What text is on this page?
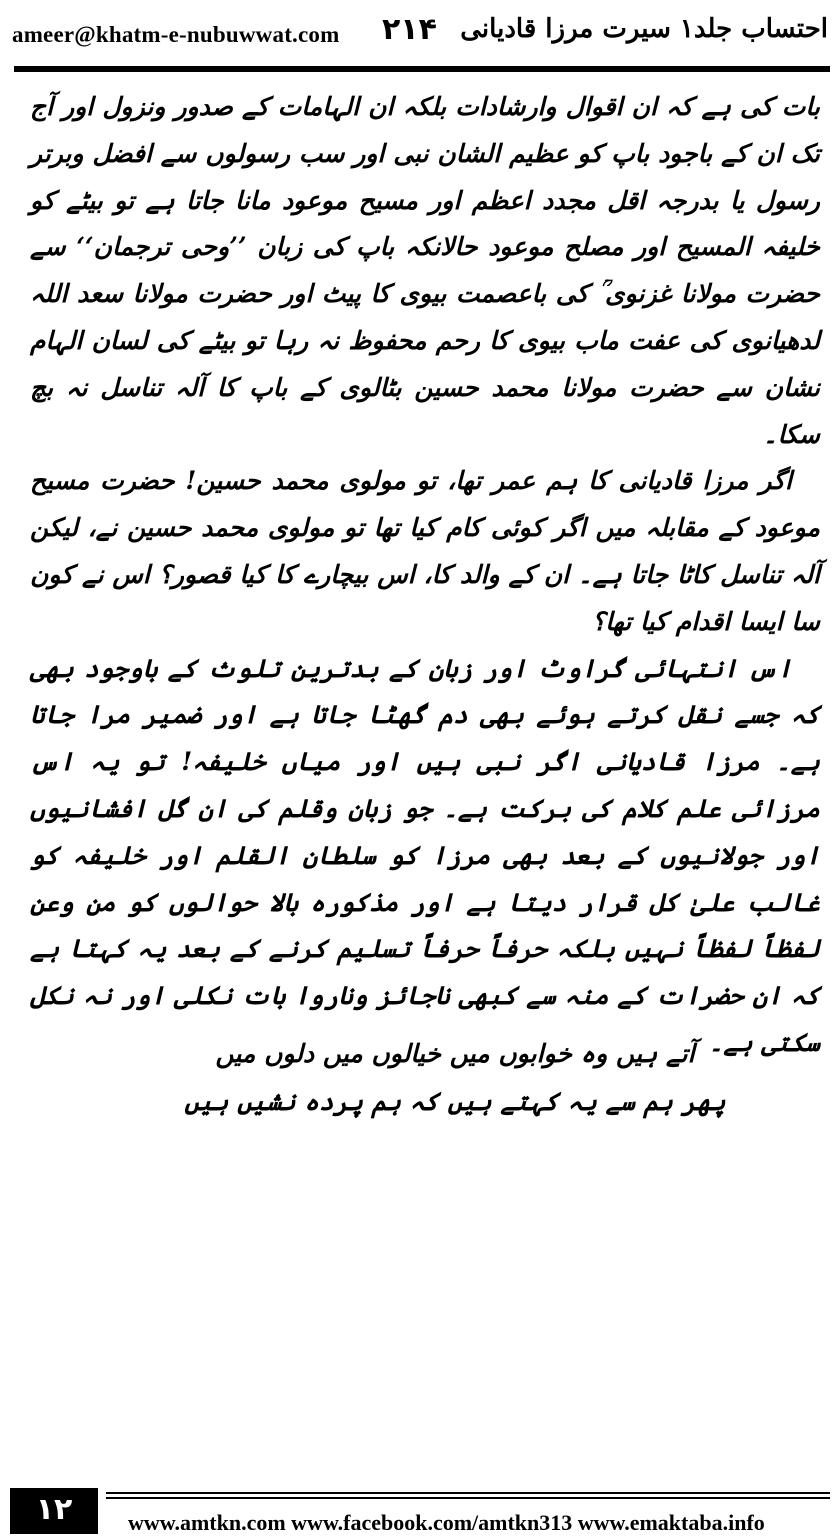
ameer@khatm-e-nubuwwat.com ۲۱۴ احتساب جلد۱ سیرت مرزا قادیانی

بات کی ہے کہ ان اقوال وارشادات بلکہ ان الہامات کے صدور ونزول اور آج تک ان کے باجود باپ کو عظیم الشان نبی اور سب رسولوں سے افضل وبرتر رسول یا بدرجہ اقل مجدد اعظم اور مسیح موعود مانا جاتا ہے تو بیٹے کو خلیفہ المسیح اور مصلح موعود حالانکہ باپ کی زبان ’’وحی ترجمان‘‘ سے حضرت مولانا غزنوی ؒ کی باعصمت بیوی کا پیٹ اور حضرت مولانا سعد اللہ لدھیانوی کی عفت ماب بیوی کا رحم محفوظ نہ رہا تو بیٹے کی لسان الہام نشان سے حضرت مولانا محمد حسین بٹالوی کے باپ کا آلہ تناسل نہ بچ سکا۔

اگر مرزا قادیانی کا ہم عمر تھا، تو مولوی محمد حسین! حضرت مسیح موعود کے مقابلہ میں اگر کوئی کام کیا تھا تو مولوی محمد حسین نے، لیکن آلہ تناسل کاٹا جاتا ہے۔ ان کے والد کا، اس بیچارے کا کیا قصور؟ اس نے کون سا ایسا اقدام کیا تھا؟

اس انتہائی گراوٹ اور زبان کے بدترین تلوث کے باوجود بھی کہ جسے نقل کرتے ہوئے بھی دم گھٹا جاتا ہے اور ضمیر مرا جاتا ہے۔ مرزا قادیانی اگر نبی ہیں اور میاں خلیفہ! تو یہ اس مرزائی علم کلام کی برکت ہے۔ جو زبان وقلم کی ان گل افشانیوں اور جولانیوں کے بعد بھی مرزا کو سلطان القلم اور خلیفہ کو غالب علیٰ کل قرار دیتا ہے اور مذکورہ بالا حوالوں کو من وعن لفظاً لفظاً نہیں بلکہ حرفاً حرفاً تسلیم کرنے کے بعد یہ کہتا ہے کہ ان حضرات کے منہ سے کبھی ناجائز وناروا بات نکلی اور نہ نکل سکتی ہے۔

آتے ہیں وہ خوابوں میں خیالوں میں دلوں میں
پھر ہم سے یہ کہتے ہیں کہ ہم پردہ نشیں ہیں
۱۲	www.amtkn.com www.facebook.com/amtkn313 www.emaktaba.info
